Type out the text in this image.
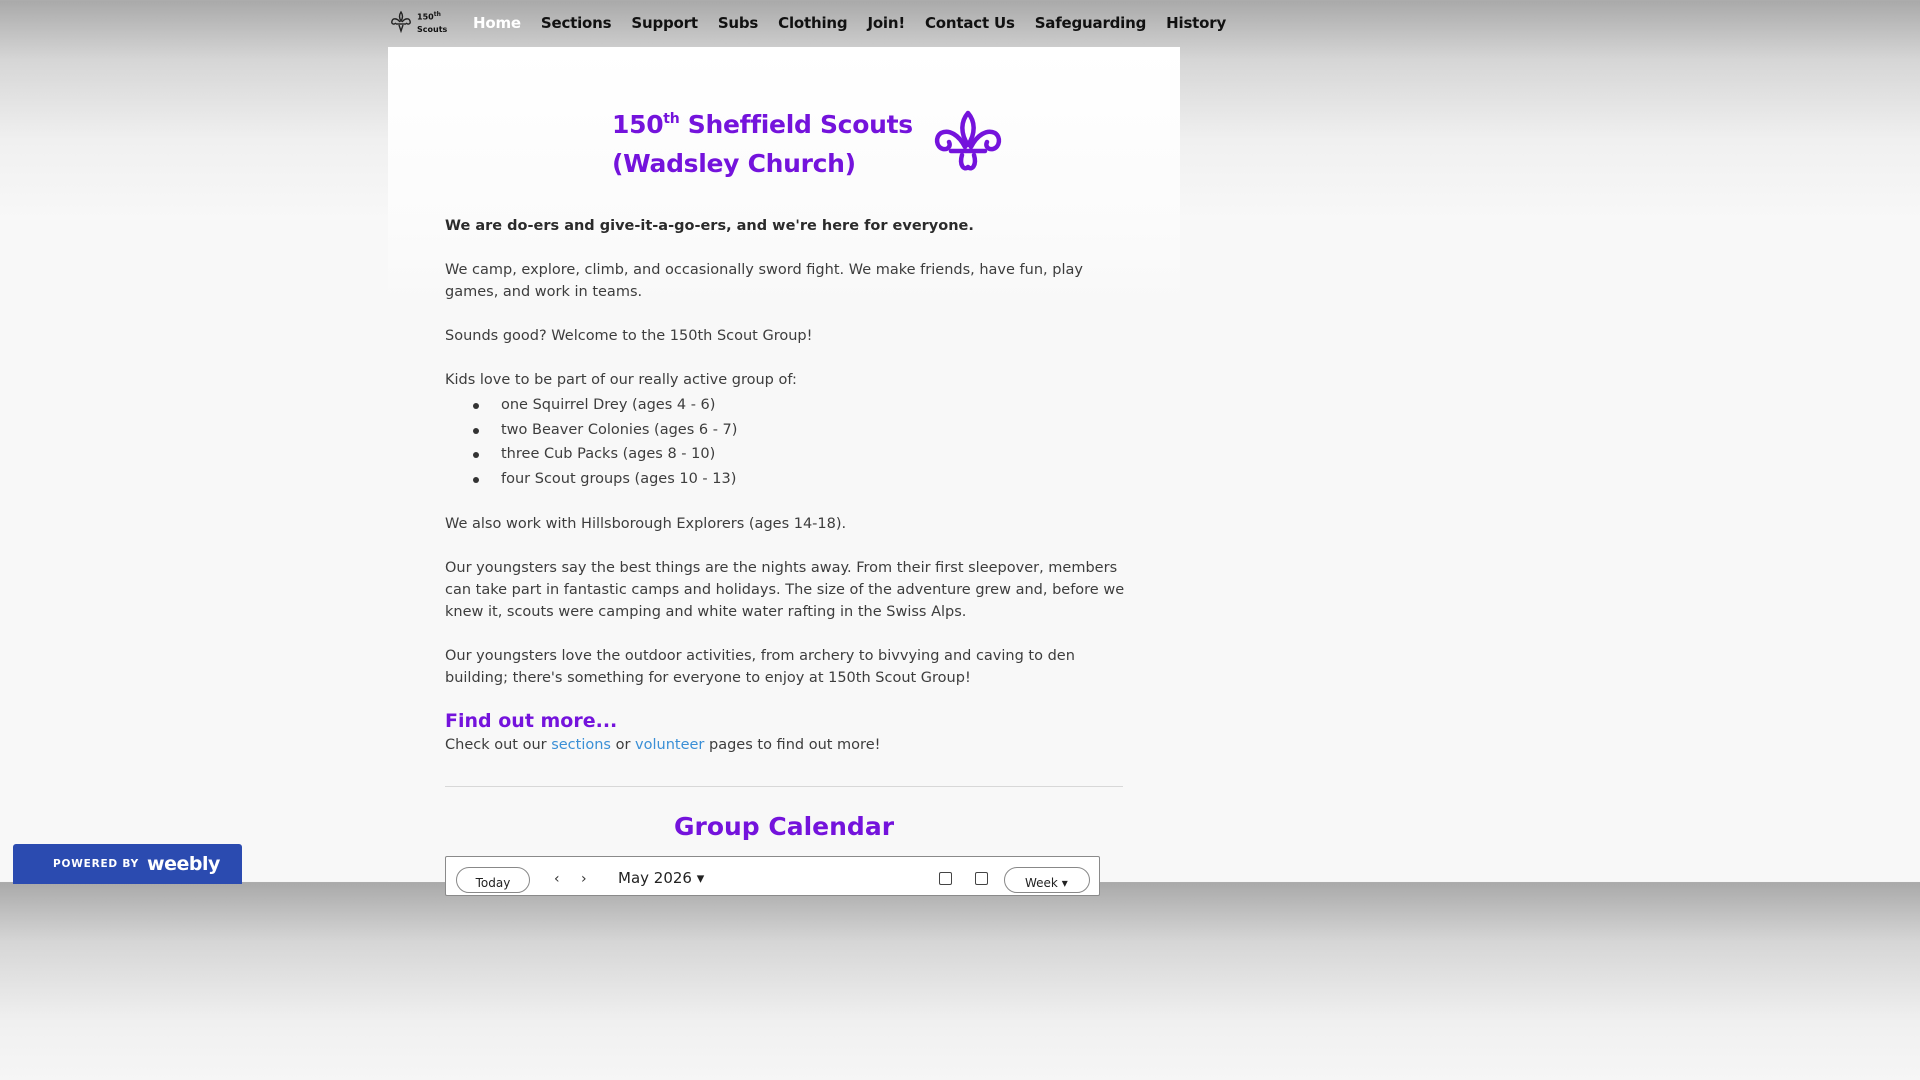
150th
Scouts	Home	Sections	Support	Subs	Clothing	Join!	Contact Us	Safeguarding	History
150th Sheffield Scouts
(Wadsley Church)

We are do-ers and give-it-a-go-ers, and we're here for everyone.

We camp, explore, climb, and occasionally sword fight. We make friends, have fun, play games, and work in teams.

Sounds good? Welcome to the 150th Scout Group!

Kids love to be part of our really active group of:

one Squirrel Drey (ages 4 - 6)
two Beaver Colonies (ages 6 - 7)
three Cub Packs (ages 8 - 10)
four Scout groups (ages 10 - 13)

We also work with Hillsborough Explorers (ages 14-18).

Our youngsters say the best things are the nights away. From their first sleepover, members can take part in fantastic camps and holidays. The size of the adventure grew and, before we knew it, scouts were camping and white water rafting in the Swiss Alps.

Our youngsters love the outdoor activities, from archery to bivvying and caving to den building; there's something for everyone to enjoy at 150th Scout Group!

Find out more...
Check out our sections or volunteer pages to find out more!
Group Calendar
Today	‹ › May 2026 ▾	Week ▾
POWERED BY weebly
